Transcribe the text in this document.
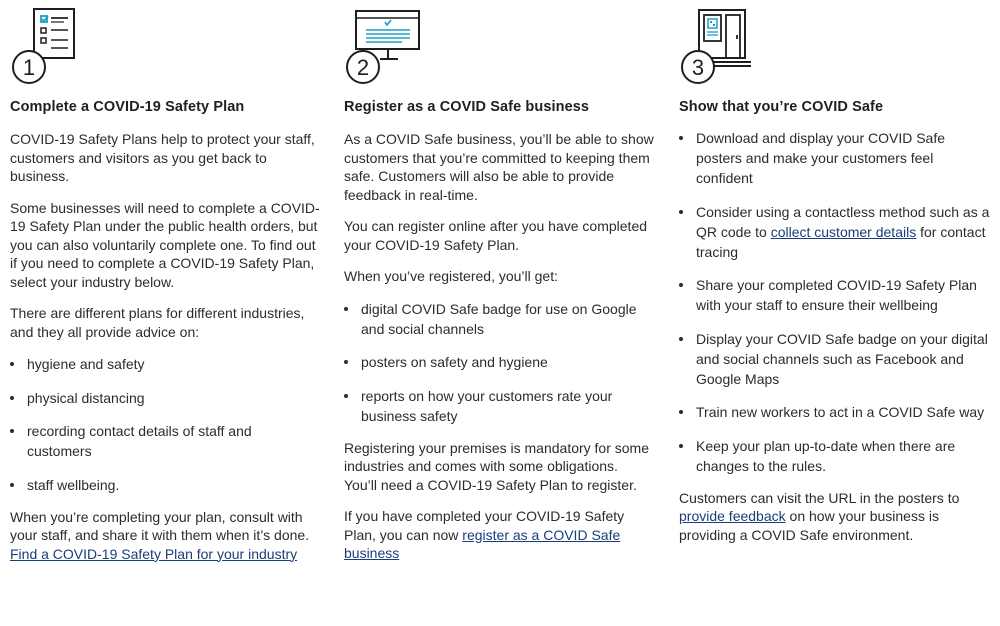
1
Complete a COVID-19 Safety Plan

COVID-19 Safety Plans help to protect your staff, customers and visitors as you get back to business.

Some businesses will need to complete a COVID-19 Safety Plan under the public health orders, but you can also voluntarily complete one. To find out if you need to complete a COVID-19 Safety Plan, select your industry below.

There are different plans for different industries, and they all provide advice on:

hygiene and safety
physical distancing
recording contact details of staff and customers
staff wellbeing.

When you’re completing your plan, consult with your staff, and share it with them when it’s done. Find a COVID-19 Safety Plan for your industry

2
Register as a COVID Safe business

As a COVID Safe business, you’ll be able to show customers that you’re committed to keeping them safe. Customers will also be able to provide feedback in real-time.

You can register online after you have completed your COVID-19 Safety Plan.

When you’ve registered, you’ll get:

digital COVID Safe badge for use on Google and social channels
posters on safety and hygiene
reports on how your customers rate your business safety

Registering your premises is mandatory for some industries and comes with some obligations. You’ll need a COVID-19 Safety Plan to register.

If you have completed your COVID-19 Safety Plan, you can now register as a COVID Safe business

3
Show that you’re COVID Safe
Download and display your COVID Safe posters and make your customers feel confident
Consider using a contactless method such as a QR code to collect customer details for contact tracing
Share your completed COVID-19 Safety Plan with your staff to ensure their wellbeing
Display your COVID Safe badge on your digital and social channels such as Facebook and Google Maps
Train new workers to act in a COVID Safe way
Keep your plan up-to-date when there are changes to the rules.

Customers can visit the URL in the posters to provide feedback on how your business is providing a COVID Safe environment.
